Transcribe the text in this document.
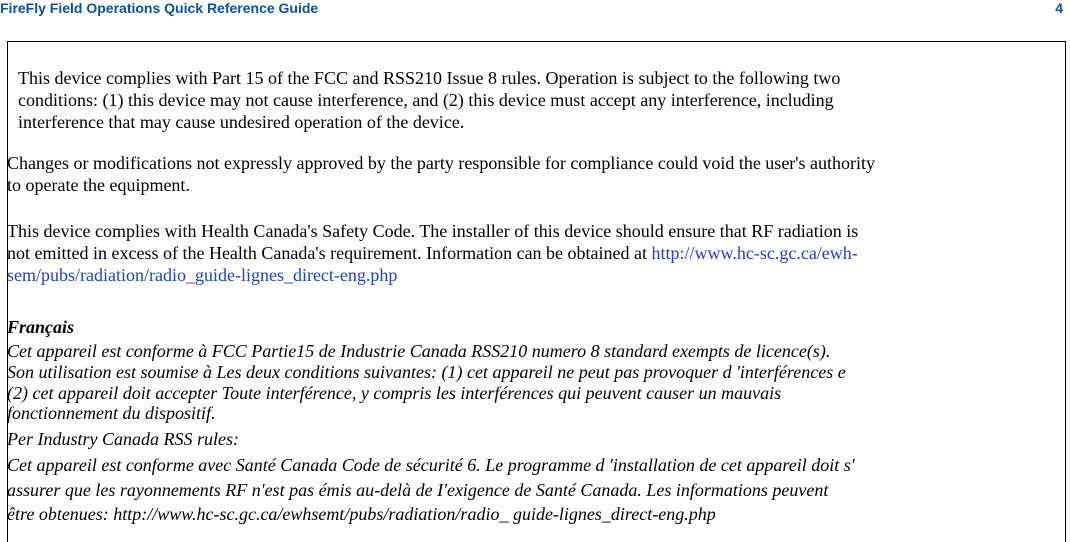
FireFly Field Operations Quick Reference Guide	4
This device complies with Part 15 of the FCC and RSS210 Issue 8 rules. Operation is subject to the following two
conditions: (1) this device may not cause interference, and (2) this device must accept any interference, including
interference that may cause undesired operation of the device.
Changes or modifications not expressly approved by the party responsible for compliance could void the user's authority
to operate the equipment.
This device complies with Health Canada's Safety Code. The installer of this device should ensure that RF radiation is
not emitted in excess of the Health Canada's requirement. Information can be obtained at http://www.hc-sc.gc.ca/ewh-
sem/pubs/radiation/radio_guide-lignes_direct-eng.php
Français
Cet appareil est conforme à FCC Partie15 de Industrie Canada RSS210 numero 8 standard exempts de licence(s).
Son utilisation est soumise à Les deux conditions suivantes: (1) cet appareil ne peut pas provoquer d 'interférences e
(2) cet appareil doit accepter Toute interférence, y compris les interférences qui peuvent causer un mauvais
fonctionnement du dispositif.
Per Industry Canada RSS rules:
Cet appareil est conforme avec Santé Canada Code de sécurité 6. Le programme d 'installation de cet appareil doit s'
assurer que les rayonnements RF n'est pas émis au-delà de I'exigence de Santé Canada. Les informations peuvent
être obtenues: http://www.hc-sc.gc.ca/ewhsemt/pubs/radiation/radio_ guide-lignes_direct-eng.php
